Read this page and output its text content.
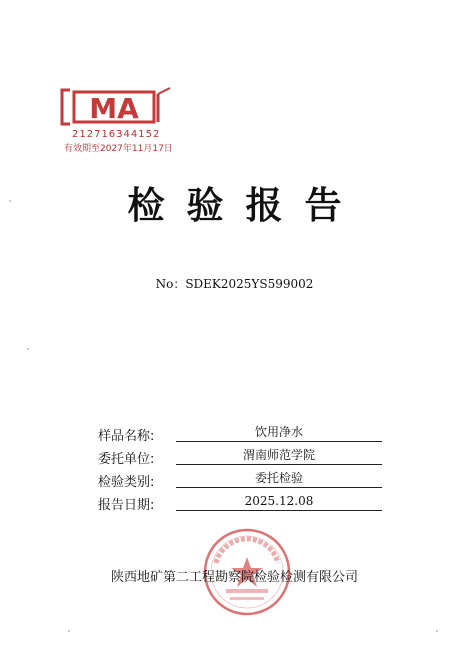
MA
212716344152
有效期至2027年11月17日
检验报告
No：SDEK2025YS599002
样品名称:	饮用净水
委托单位:	渭南师范学院
检验类别:	委托检验
报告日期:	2025.12.08
陕西地矿第二工程勘察院检验检测有限公司
